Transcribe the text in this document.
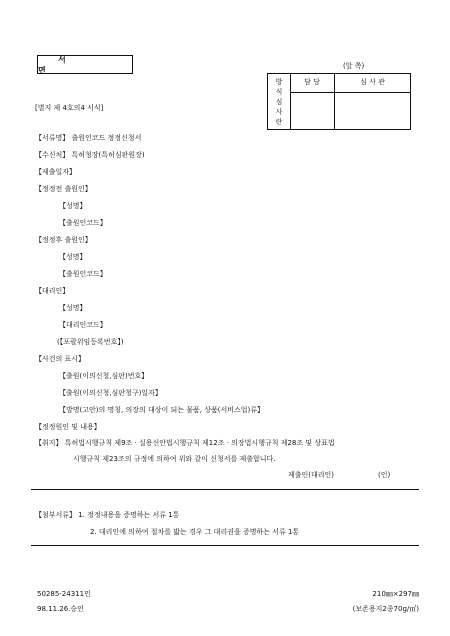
서 면	(앞 쪽)
방식심사란
담 당	심 사 관
[별지 제 4호의4 서식]
【서류명】 출원인코드 정정신청서
【수신처】 특허청장(특허심판원장)
【제출일자】
【정정전 출원인】
【성명】
【출원인코드】
【정정후 출원인】
【성명】
【출원인코드】
【대리인】
【성명】
【대리인코드】
(【포괄위임등록번호】)
【사건의 표시】
【출원(이의신청,심판)번호】
【출원(이의신청,심판청구)일자】
【발명(고안)의 명칭, 의장의 대상이 되는 물품, 상품(서비스업)류】
【정정원인 및 내용】
【취지】 특허법시행규칙 제9조 · 실용신안법시행규칙 제12조 · 의장법시행규칙 제28조 및 상표법
시행규칙 제23조의 규정에 의하여 위와 같이 신청서를 제출합니다.
제출인(대리인)	(인)
【첨부서류】 1. 정정내용을 증명하는 서류 1통
2. 대리인에 의하여 절차를 밟는 경우 그 대리권을 증명하는 서류 1통
50285-24311민
98.11.26.승인
210㎜×297㎜
(보존용지2종70g/㎡)
